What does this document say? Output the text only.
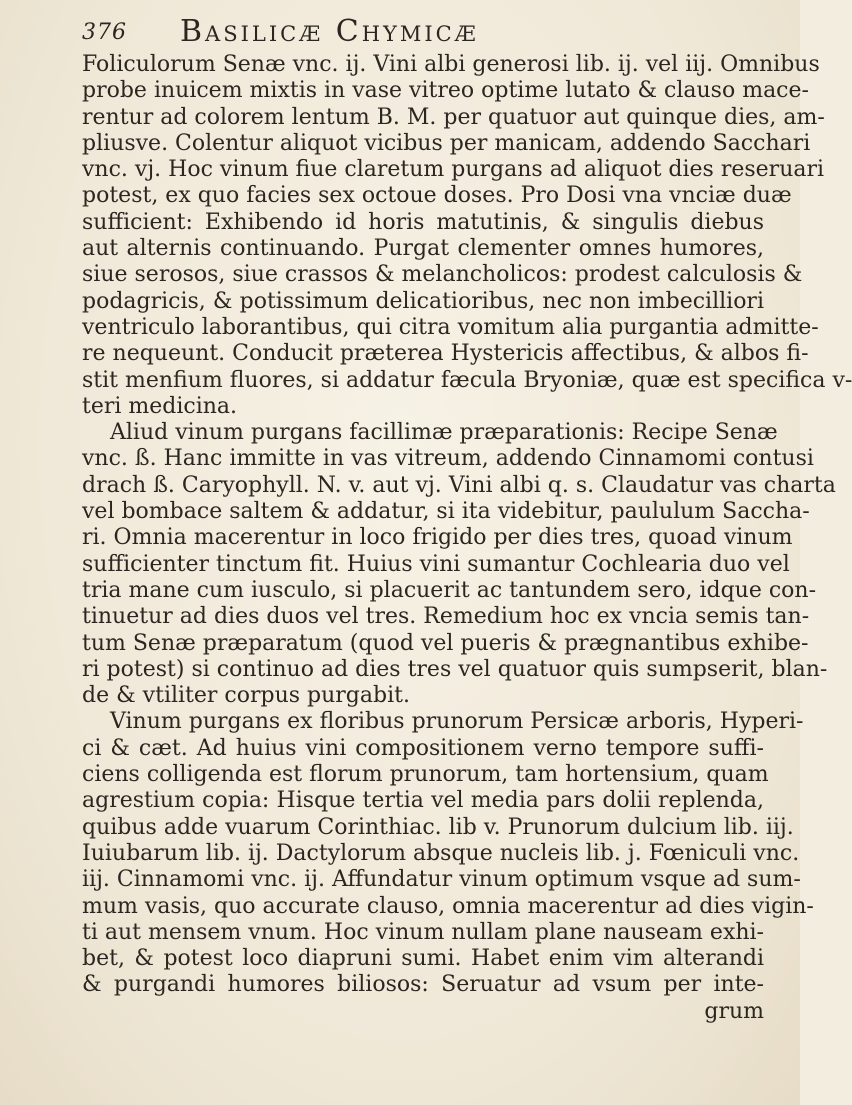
376 Basilicæ Chymicæ
Foliculorum Senæ vnc. ij. Vini albi generosi lib. ij. vel iij. Omnibus
probe inuicem mixtis in vase vitreo optime lutato & clauso mace-
rentur ad colorem lentum B. M. per quatuor aut quinque dies, am-
pliusve. Colentur aliquot vicibus per manicam, addendo Sacchari
vnc. vj. Hoc vinum fiue claretum purgans ad aliquot dies reseruari
potest, ex quo facies sex octoue doses. Pro Dosi vna vnciæ duæ
sufficient: Exhibendo id horis matutinis, & singulis diebus
aut alternis continuando. Purgat clementer omnes humores,
siue serosos, siue crassos & melancholicos: prodest calculosis &
podagricis, & potissimum delicatioribus, nec non imbecilliori
ventriculo laborantibus, qui citra vomitum alia purgantia admitte-
re nequeunt. Conducit præterea Hystericis affectibus, & albos fi-
stit menfium fluores, si addatur fæcula Bryoniæ, quæ est specifica v-
teri medicina.
Aliud vinum purgans facillimæ præparationis: Recipe Senæ
vnc. ß. Hanc immitte in vas vitreum, addendo Cinnamomi contusi
drach ß. Caryophyll. N. v. aut vj. Vini albi q. s. Claudatur vas charta
vel bombace saltem & addatur, si ita videbitur, paululum Saccha-
ri. Omnia macerentur in loco frigido per dies tres, quoad vinum
sufficienter tinctum fit. Huius vini sumantur Cochlearia duo vel
tria mane cum iusculo, si placuerit ac tantundem sero, idque con-
tinuetur ad dies duos vel tres. Remedium hoc ex vncia semis tan-
tum Senæ præparatum (quod vel pueris & prægnantibus exhibe-
ri potest) si continuo ad dies tres vel quatuor quis sumpserit, blan-
de & vtiliter corpus purgabit.
Vinum purgans ex floribus prunorum Persicæ arboris, Hyperi-
ci & cæt. Ad huius vini compositionem verno tempore suffi-
ciens colligenda est florum prunorum, tam hortensium, quam
agrestium copia: Hisque tertia vel media pars dolii replenda,
quibus adde vuarum Corinthiac. lib v. Prunorum dulcium lib. iij.
Iuiubarum lib. ij. Dactylorum absque nucleis lib. j. Fœniculi vnc.
iij. Cinnamomi vnc. ij. Affundatur vinum optimum vsque ad sum-
mum vasis, quo accurate clauso, omnia macerentur ad dies vigin-
ti aut mensem vnum. Hoc vinum nullam plane nauseam exhi-
bet, & potest loco diapruni sumi. Habet enim vim alterandi
& purgandi humores biliosos: Seruatur ad vsum per inte-
grum
